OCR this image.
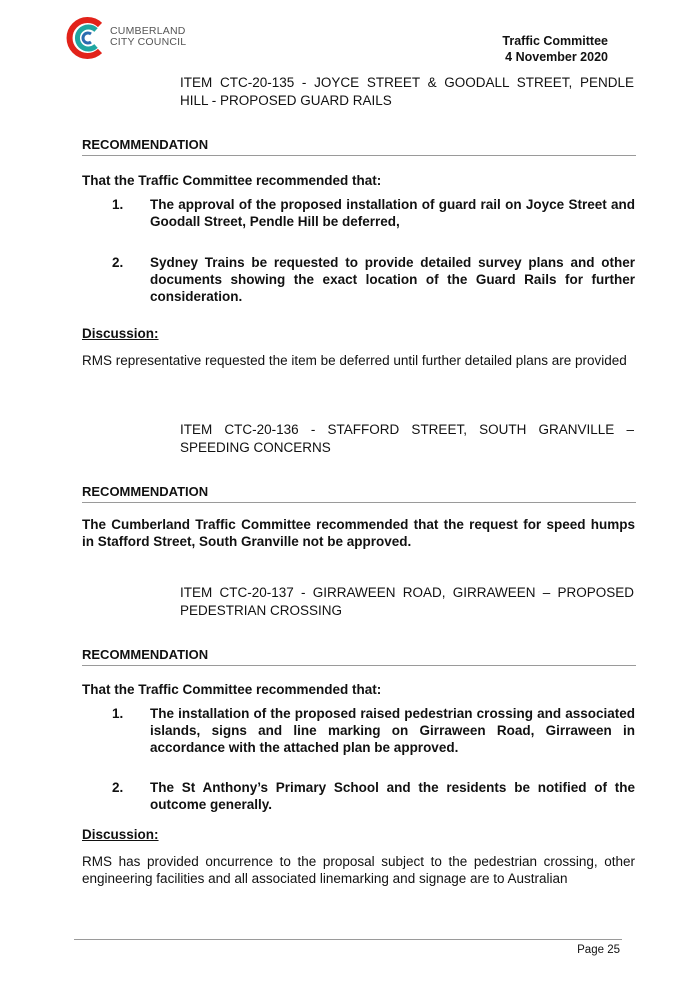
CUMBERLAND
CITY COUNCIL	Traffic Committee
4 November 2020
ITEM CTC-20-135 - JOYCE STREET & GOODALL STREET, PENDLE HILL - PROPOSED GUARD RAILS
RECOMMENDATION
That the Traffic Committee recommended that:
1. The approval of the proposed installation of guard rail on Joyce Street and Goodall Street, Pendle Hill be deferred,
2. Sydney Trains be requested to provide detailed survey plans and other documents showing the exact location of the Guard Rails for further consideration.
Discussion:
RMS representative requested the item be deferred until further detailed plans are provided
ITEM CTC-20-136 - STAFFORD STREET, SOUTH GRANVILLE – SPEEDING CONCERNS
RECOMMENDATION
The Cumberland Traffic Committee recommended that the request for speed humps in Stafford Street, South Granville not be approved.
ITEM CTC-20-137 - GIRRAWEEN ROAD, GIRRAWEEN – PROPOSED PEDESTRIAN CROSSING
RECOMMENDATION
That the Traffic Committee recommended that:
1. The installation of the proposed raised pedestrian crossing and associated islands, signs and line marking on Girraween Road, Girraween in accordance with the attached plan be approved.
2. The St Anthony’s Primary School and the residents be notified of the outcome generally.
Discussion:
RMS has provided oncurrence to the proposal subject to the pedestrian crossing, other engineering facilities and all associated linemarking and signage are to Australian
Page 25
